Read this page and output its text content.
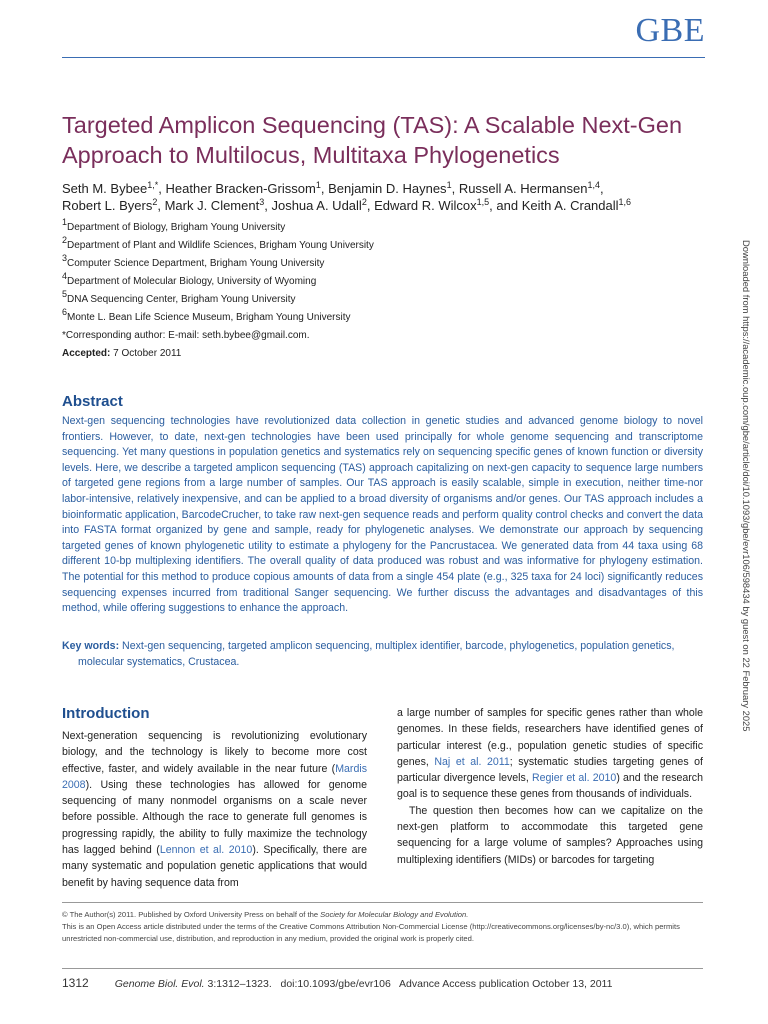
GBE
Targeted Amplicon Sequencing (TAS): A Scalable Next-Gen Approach to Multilocus, Multitaxa Phylogenetics
Seth M. Bybee$^{1,*}$, Heather Bracken-Grissom$^1$, Benjamin D. Haynes$^1$, Russell A. Hermansen$^{1,4}$,
Robert L. Byers$^2$, Mark J. Clement$^3$, Joshua A. Udall$^2$, Edward R. Wilcox$^{1,5}$, and Keith A. Crandall$^{1,6}$
$^1$Department of Biology, Brigham Young University
$^2$Department of Plant and Wildlife Sciences, Brigham Young University
$^3$Computer Science Department, Brigham Young University
$^4$Department of Molecular Biology, University of Wyoming
$^5$DNA Sequencing Center, Brigham Young University
$^6$Monte L. Bean Life Science Museum, Brigham Young University
*Corresponding author: E-mail: seth.bybee@gmail.com.
Accepted: 7 October 2011
Abstract

Next-gen sequencing technologies have revolutionized data collection in genetic studies and advanced genome biology to novel frontiers. However, to date, next-gen technologies have been used principally for whole genome sequencing and transcriptome sequencing. Yet many questions in population genetics and systematics rely on sequencing specific genes of known function or diversity levels. Here, we describe a targeted amplicon sequencing (TAS) approach capitalizing on next-gen capacity to sequence large numbers of targeted gene regions from a large number of samples. Our TAS approach is easily scalable, simple in execution, neither time-nor labor-intensive, relatively inexpensive, and can be applied to a broad diversity of organisms and/or genes. Our TAS approach includes a bioinformatic application, BarcodeCrucher, to take raw next-gen sequence reads and perform quality control checks and convert the data into FASTA format organized by gene and sample, ready for phylogenetic analyses. We demonstrate our approach by sequencing targeted genes of known phylogenetic utility to estimate a phylogeny for the Pancrustacea. We generated data from 44 taxa using 68 different 10-bp multiplexing identifiers. The overall quality of data produced was robust and was informative for phylogeny estimation. The potential for this method to produce copious amounts of data from a single 454 plate (e.g., 325 taxa for 24 loci) significantly reduces sequencing expenses incurred from traditional Sanger sequencing. We further discuss the advantages and disadvantages of this method, while offering suggestions to enhance the approach.

Key words: Next-gen sequencing, targeted amplicon sequencing, multiplex identifier, barcode, phylogenetics, population genetics, molecular systematics, Crustacea.
Introduction

Next-generation sequencing is revolutionizing evolutionary biology, and the technology is likely to become more cost effective, faster, and widely available in the near future (Mardis 2008). Using these technologies has allowed for genome sequencing of many nonmodel organisms on a scale never before possible. Although the race to generate full genomes is progressing rapidly, the ability to fully maximize the technology has lagged behind (Lennon et al. 2010). Specifically, there are many systematic and population genetic applications that would benefit by having sequence data from

a large number of samples for specific genes rather than whole genomes. In these fields, researchers have identified genes of particular interest (e.g., population genetic studies of specific genes, Naj et al. 2011; systematic studies targeting genes of particular divergence levels, Regier et al. 2010) and the research goal is to sequence these genes from thousands of individuals.

The question then becomes how can we capitalize on the next-gen platform to accommodate this targeted gene sequencing for a large volume of samples? Approaches using multiplexing identifiers (MIDs) or barcodes for targeting

© The Author(s) 2011. Published by Oxford University Press on behalf of the Society for Molecular Biology and Evolution.
This is an Open Access article distributed under the terms of the Creative Commons Attribution Non-Commercial License (http://creativecommons.org/licenses/by-nc/3.0), which permits unrestricted non-commercial use, distribution, and reproduction in any medium, provided the original work is properly cited.
1312 Genome Biol. Evol. 3:1312–1323.   doi:10.1093/gbe/evr106   Advance Access publication October 13, 2011
Downloaded from https://academic.oup.com/gbe/article/doi/10.1093/gbe/evr106/598434 by guest on 22 February 2025
